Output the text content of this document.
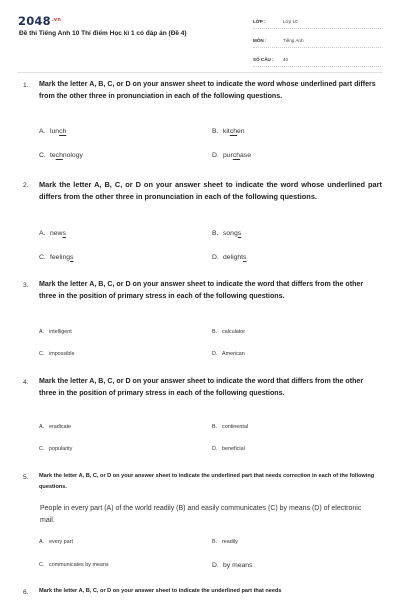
$2048^{.vn}$
Đề thi Tiếng Anh 10 Thí điểm Học kì 1 có đáp án (Đề 4)
LỚP :	Lớp 10
MÔN :	Tiếng Anh
SỐ CÂU :	40
1. Mark the letter A, B, C, or D on your answer sheet to indicate the word whose underlined part differs from the other three in pronunciation in each of the following questions.
A. lunch	B. kitchen
C. technology	D. purchase
2. Mark the letter A, B, C, or D on your answer sheet to indicate the word whose underlined part differs from the other three in pronunciation in each of the following questions.
A. news	B. songs
C. feelings	D. delights
3. Mark the letter A, B, C, or D on your answer sheet to indicate the word that differs from the other three in the position of primary stress in each of the following questions.
A. intelligent	B. calculator
C. impossible	D. American
4. Mark the letter A, B, C, or D on your answer sheet to indicate the word that differs from the other three in the position of primary stress in each of the following questions.
A. eradicate	B. continental
C. popularity	D. beneficial
5. Mark the letter A, B, C, or D on your answer sheet to indicate the underlined part that needs correction in each of the following questions.
People in every part (A) of the world readily (B) and easily communicates (C) by means (D) of electronic mail.
A. every part	B. readily
C. communicates by means	D. by means
6. Mark the letter A, B, C, or D on your answer sheet to indicate the underlined part that needs
